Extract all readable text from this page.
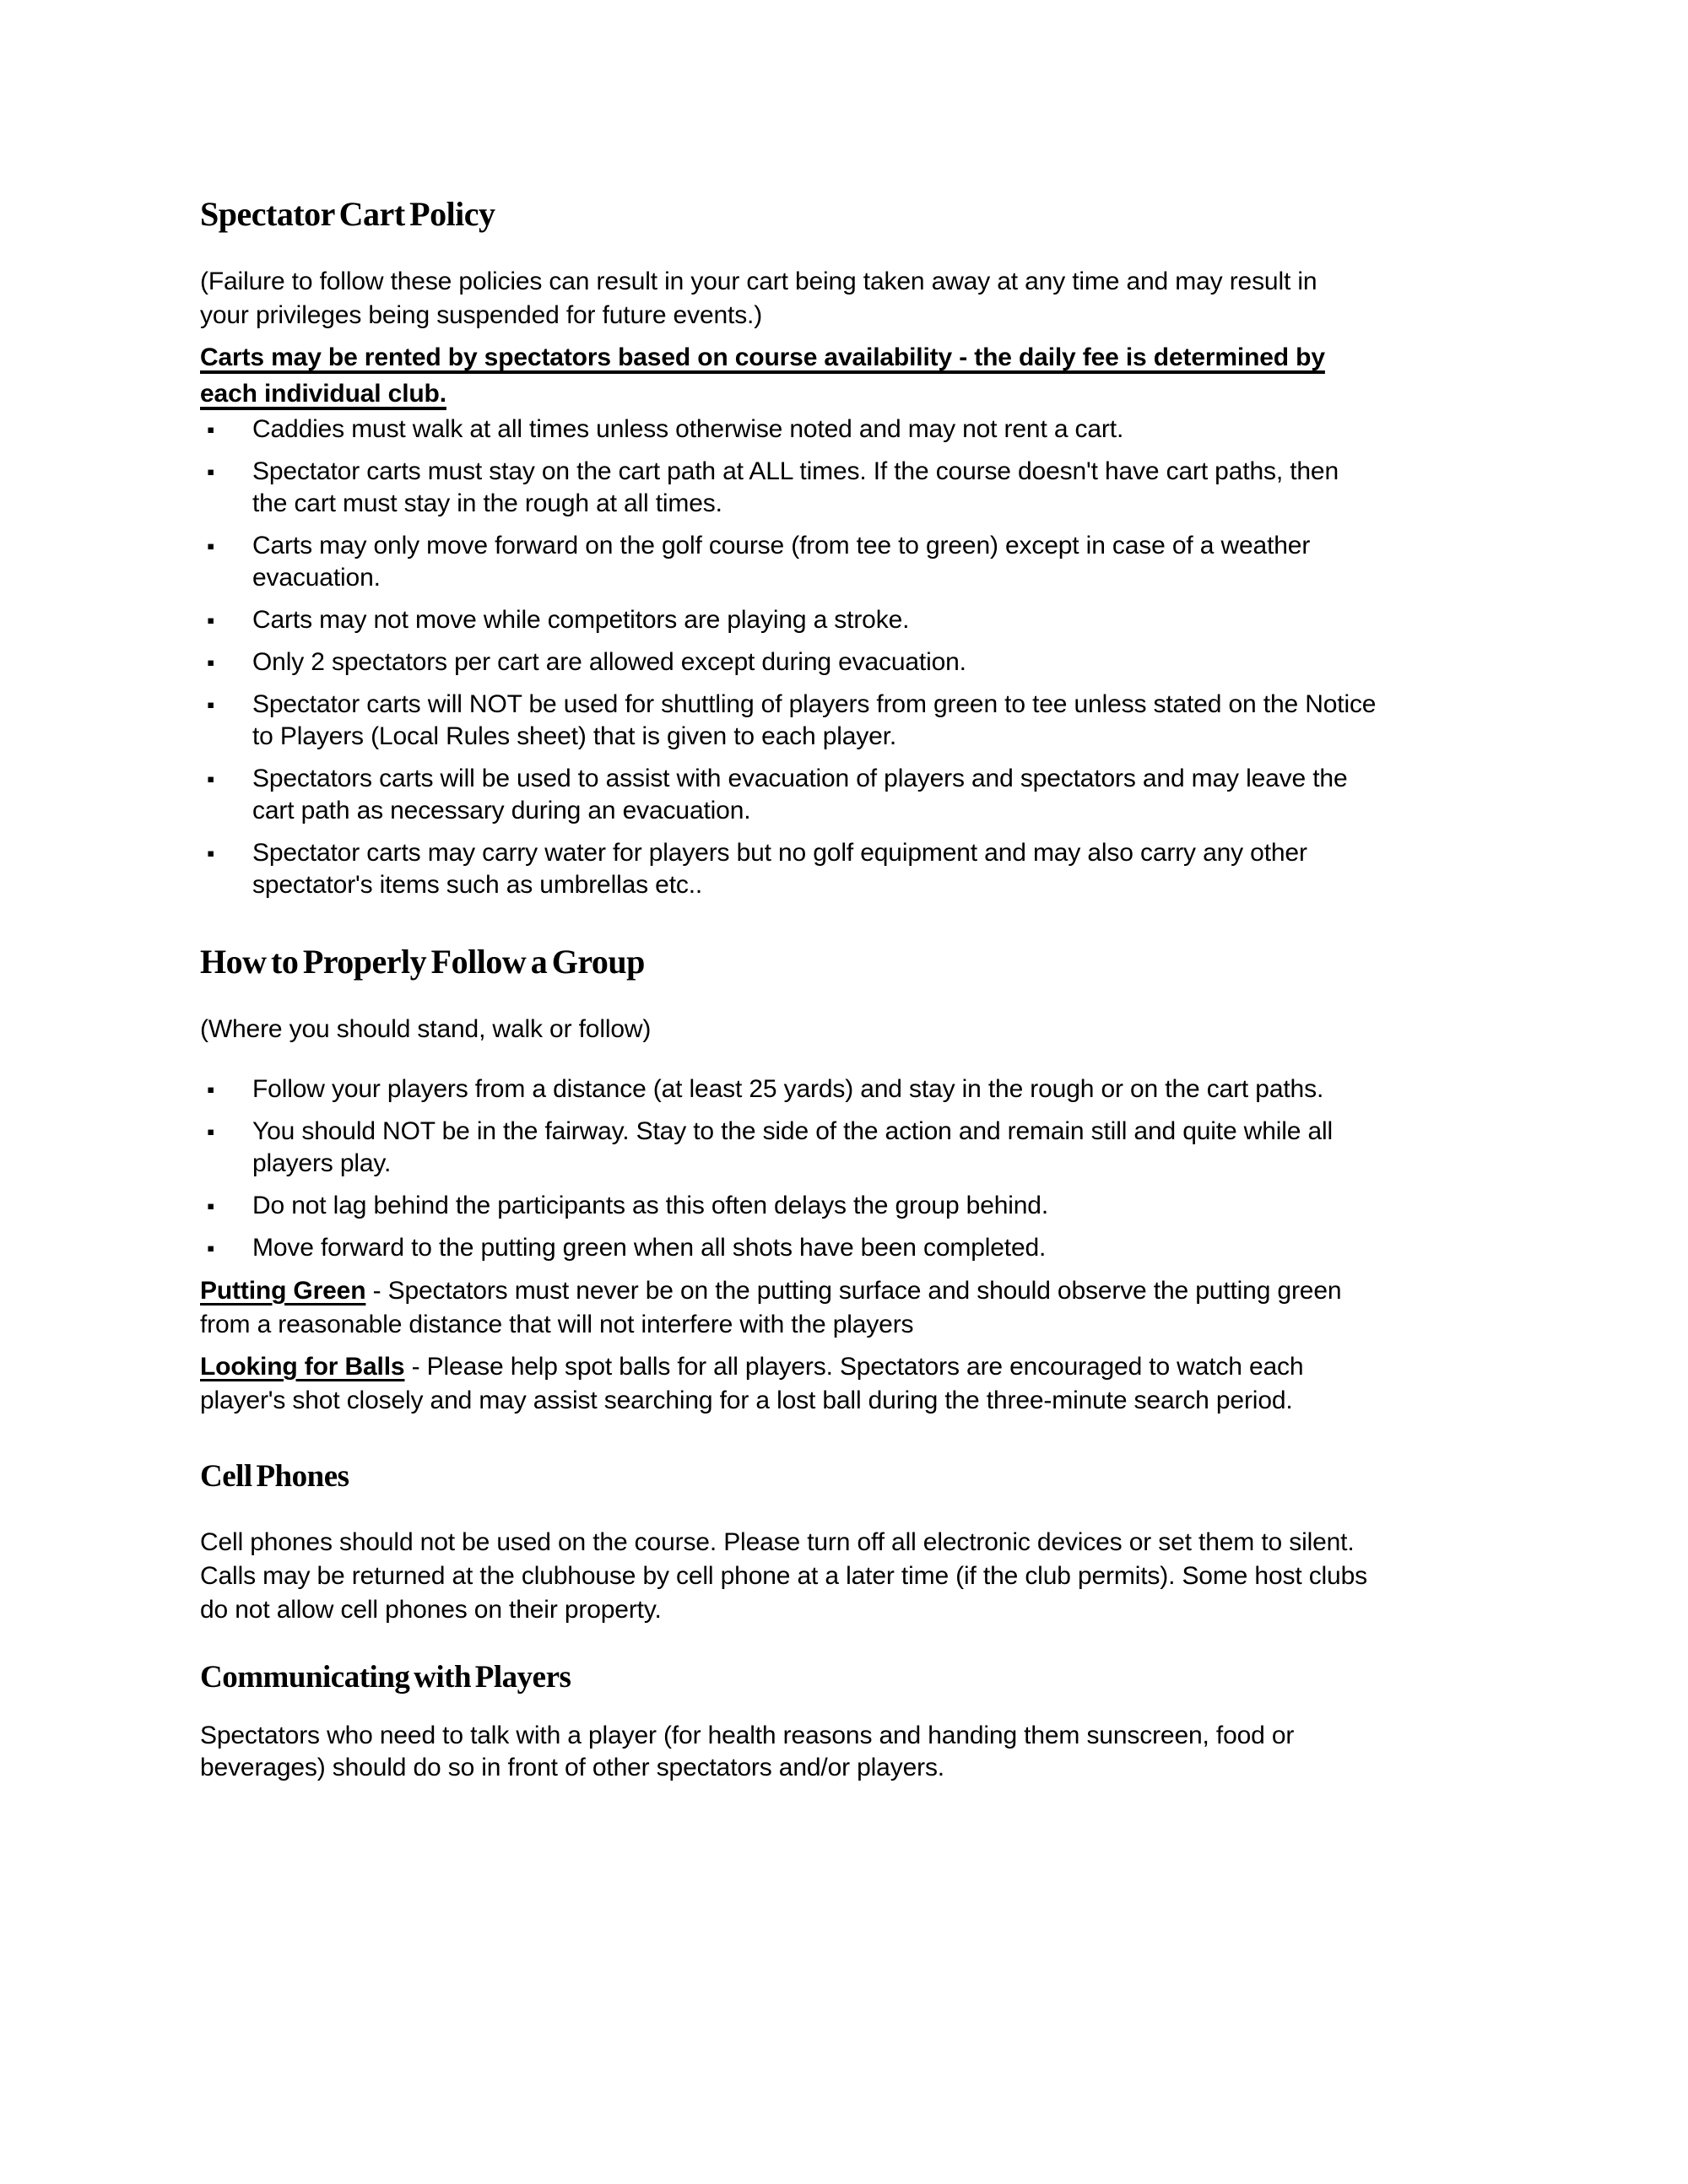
Spectator Cart Policy

(Failure to follow these policies can result in your cart being taken away at any time and may result in
your privileges being suspended for future events.)

Carts may be rented by spectators based on course availability - the daily fee is determined by
each individual club.

▪	Caddies must walk at all times unless otherwise noted and may not rent a cart.
▪	Spectator carts must stay on the cart path at ALL times. If the course doesn't have cart paths, then
the cart must stay in the rough at all times.
▪	Carts may only move forward on the golf course (from tee to green) except in case of a weather
evacuation.
▪	Carts may not move while competitors are playing a stroke.
▪	Only 2 spectators per cart are allowed except during evacuation.
▪	Spectator carts will NOT be used for shuttling of players from green to tee unless stated on the Notice
to Players (Local Rules sheet) that is given to each player.
▪	Spectators carts will be used to assist with evacuation of players and spectators and may leave the
cart path as necessary during an evacuation.
▪	Spectator carts may carry water for players but no golf equipment and may also carry any other
spectator's items such as umbrellas etc..
How to Properly Follow a Group

(Where you should stand, walk or follow)

▪	Follow your players from a distance (at least 25 yards) and stay in the rough or on the cart paths.
▪	You should NOT be in the fairway. Stay to the side of the action and remain still and quite while all
players play.
▪	Do not lag behind the participants as this often delays the group behind.
▪	Move forward to the putting green when all shots have been completed.

Putting Green - Spectators must never be on the putting surface and should observe the putting green
from a reasonable distance that will not interfere with the players

Looking for Balls - Please help spot balls for all players. Spectators are encouraged to watch each
player's shot closely and may assist searching for a lost ball during the three-minute search period.

Cell Phones

Cell phones should not be used on the course. Please turn off all electronic devices or set them to silent.
Calls may be returned at the clubhouse by cell phone at a later time (if the club permits). Some host clubs
do not allow cell phones on their property.

Communicating with Players

Spectators who need to talk with a player (for health reasons and handing them sunscreen, food or
beverages) should do so in front of other spectators and/or players.
